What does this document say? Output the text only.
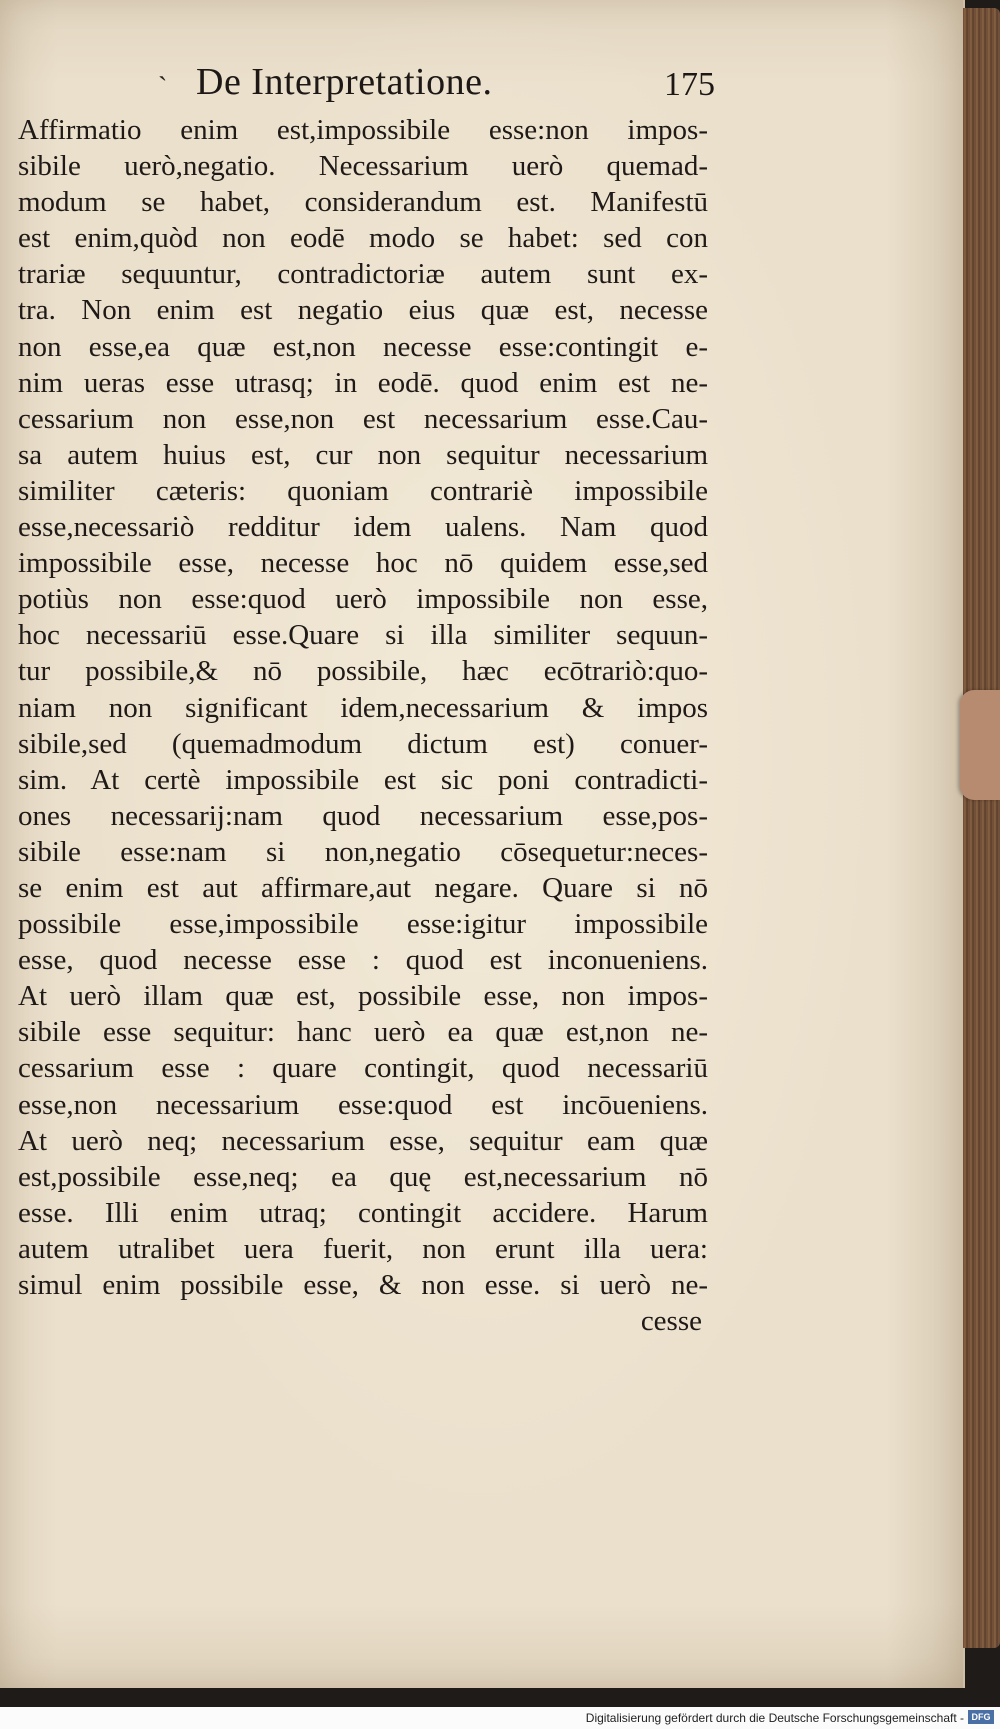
` De Interpretatione.	175
Affirmatio enim est,impossibile esse:non impos-
sibile uerò,negatio. Necessarium uerò quemad-
modum se habet, considerandum est. Manifestū
est enim,quòd non eodē modo se habet: sed con
trariæ sequuntur, contradictoriæ autem sunt ex-
tra. Non enim est negatio eius quæ est, necesse
non esse,ea quæ est,non necesse esse:contingit e-
nim ueras esse utrasq; in eodē. quod enim est ne-
cessarium non esse,non est necessarium esse.Cau-
sa autem huius est, cur non sequitur necessarium
similiter cæteris: quoniam contrariè impossibile
esse,necessariò redditur idem ualens. Nam quod
impossibile esse, necesse hoc nō quidem esse,sed
potiùs non esse:quod uerò impossibile non esse,
hoc necessariū esse.Quare si illa similiter sequun-
tur possibile,& nō possibile, hæc ecōtrariò:quo-
niam non significant idem,necessarium & impos
sibile,sed (quemadmodum dictum est) conuer-
sim. At certè impossibile est sic poni contradicti-
ones necessarij:nam quod necessarium esse,pos-
sibile esse:nam si non,negatio cōsequetur:neces-
se enim est aut affirmare,aut negare. Quare si nō
possibile esse,impossibile esse:igitur impossibile
esse, quod necesse esse : quod est inconueniens.
At uerò illam quæ est, possibile esse, non impos-
sibile esse sequitur: hanc uerò ea quæ est,non ne-
cessarium esse : quare contingit, quod necessariū
esse,non necessarium esse:quod est incōueniens.
At uerò neq; necessarium esse, sequitur eam quæ
est,possibile esse,neq; ea quę est,necessarium nō
esse. Illi enim utraq; contingit accidere. Harum
autem utralibet uera fuerit, non erunt illa uera:
simul enim possibile esse, & non esse. si uerò ne-
cesse
Digitalisierung gefördert durch die Deutsche Forschungsgemeinschaft - DFG
